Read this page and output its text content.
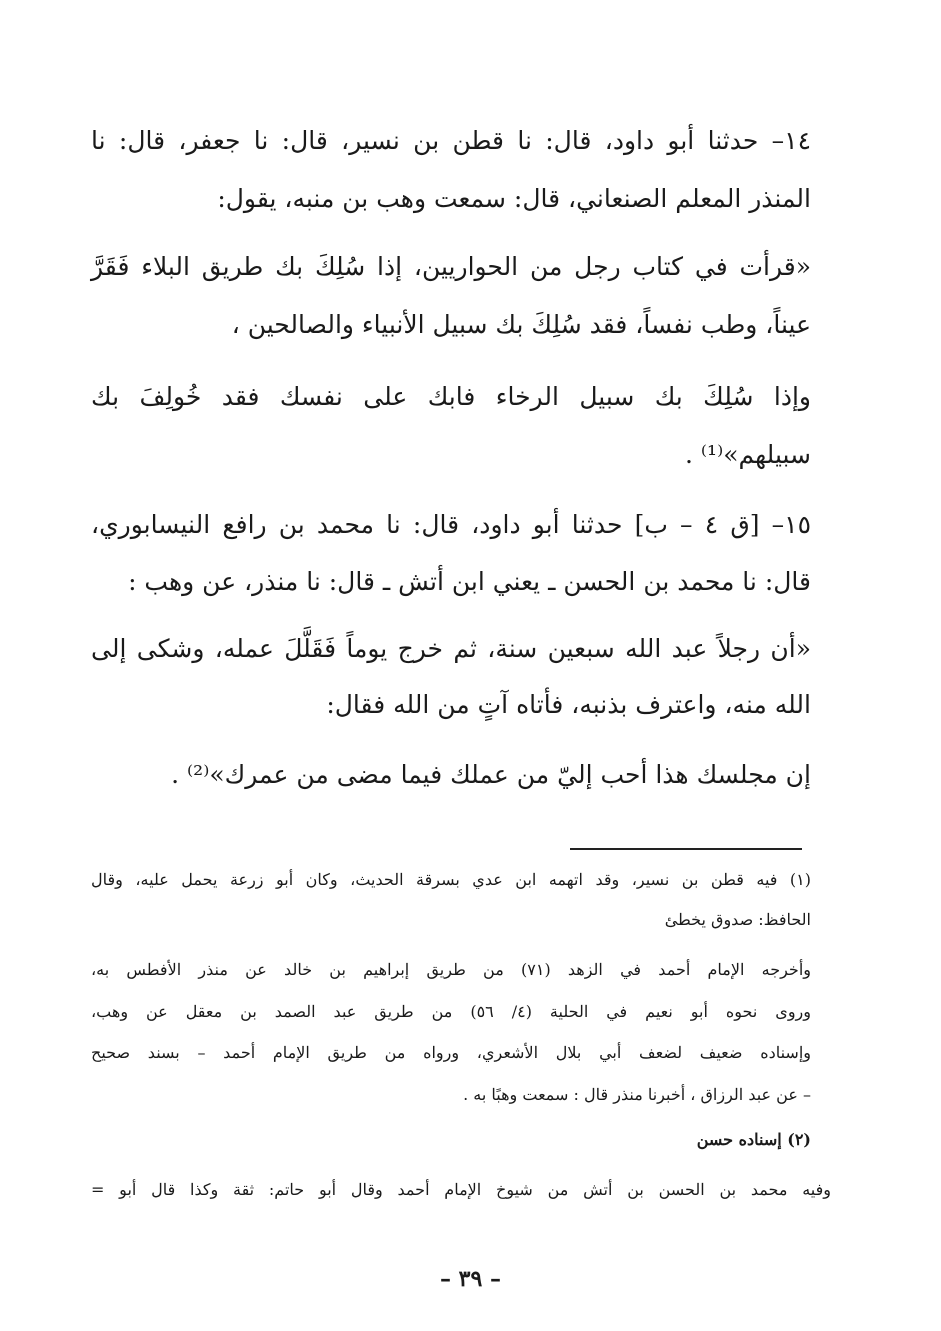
١٤– حدثنا أبو داود، قال: نا قطن بن نسير، قال: نا جعفر، قال: نا
المنذر المعلم الصنعاني، قال: سمعت وهب بن منبه، يقول:
«قرأت في كتاب رجل من الحواريين، إذا سُلِكَ بك طريق البلاء فَقَرَّ
عيناً، وطب نفساً، فقد سُلِكَ بك سبيل الأنبياء والصالحين ،
وإذا سُلِكَ بك سبيل الرخاء فابك على نفسك فقد خُولِفَ بك
سبيلهم»⁽¹⁾ .
١٥– [ق ٤ – ب] حدثنا أبو داود، قال: نا محمد بن رافع النيسابوري،
قال: نا محمد بن الحسن ـ يعني ابن أتش ـ قال: نا منذر، عن وهب :
«أن رجلاً عبد الله سبعين سنة، ثم خرج يوماً فَقَلَّلَ عمله، وشكى إلى
الله منه، واعترف بذنبه، فأتاه آتٍ من الله فقال:
إن مجلسك هذا أحب إليّ من عملك فيما مضى من عمرك»⁽²⁾ .
(١) فيه قطن بن نسير، وقد اتهمه ابن عدي بسرقة الحديث، وكان أبو زرعة يحمل عليه، وقال
الحافظ: صدوق يخطئ
وأخرجه الإمام أحمد في الزهد (٧١) من طريق إبراهيم بن خالد عن منذر الأفطس به،
وروى نحوه أبو نعيم في الحلية (٤/ ٥٦) من طريق عبد الصمد بن معقل عن وهب،
وإسناده ضعيف لضعف أبي بلال الأشعري، ورواه من طريق الإمام أحمد – بسند صحيح
– عن عبد الرزاق ، أخبرنا منذر قال : سمعت وهبًا به .
(٢) إسناده حسن
وفيه محمد بن الحسن بن أتش من شيوخ الإمام أحمد وقال أبو حاتم: ثقة وكذا قال أبو =
– ٣٩ –
